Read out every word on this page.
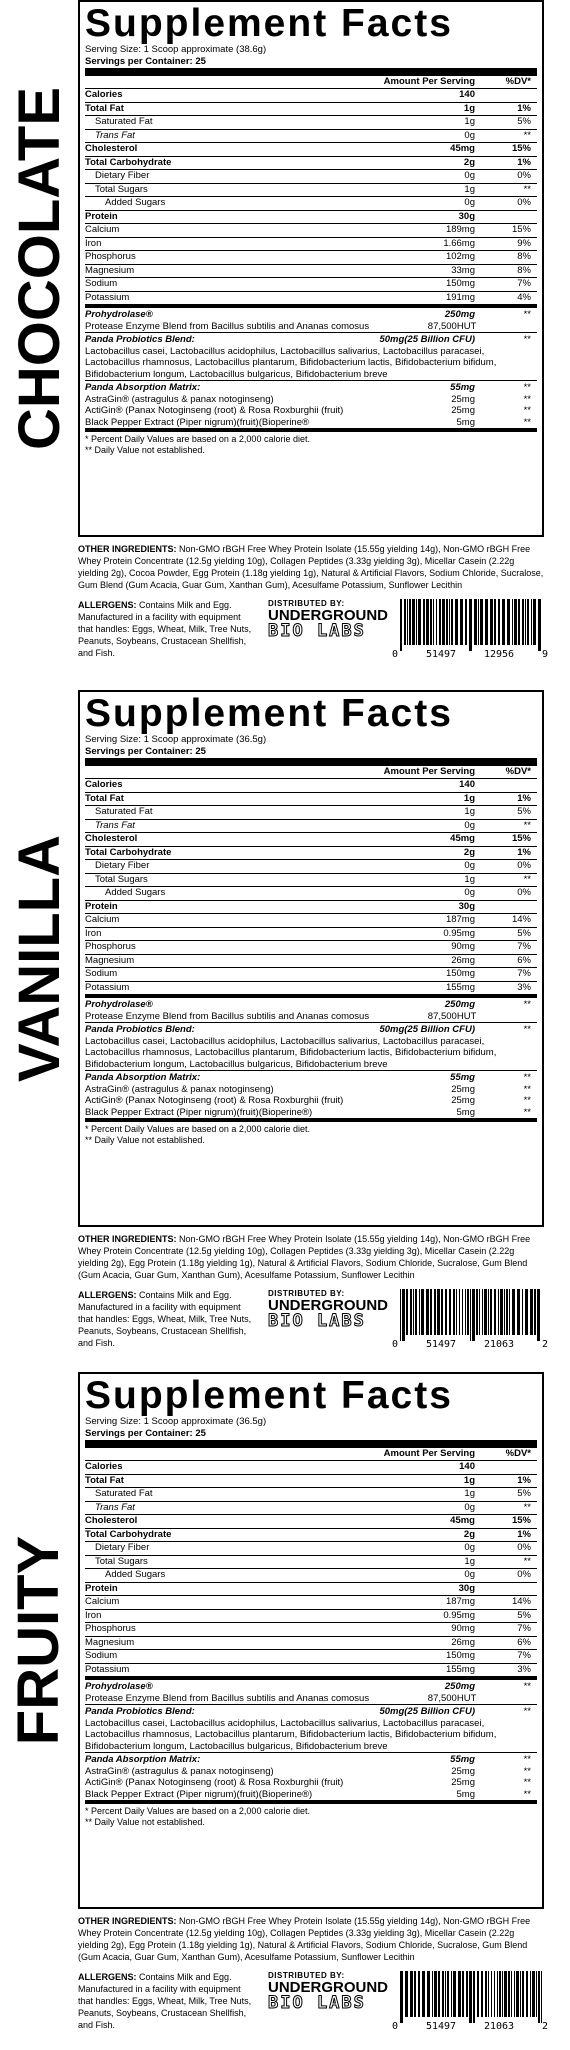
CHOCOLATE
Supplement Facts
Serving Size: 1 Scoop approximate (38.6g)
Servings per Container: 25
Amount Per Serving	%DV*
Calories	140
Total Fat	1g	1%
Saturated Fat	1g	5%
Trans Fat	0g	**
Cholesterol	45mg	15%
Total Carbohydrate	2g	1%
Dietary Fiber	0g	0%
Total Sugars	1g	**
Added Sugars	0g	0%
Protein	30g
Calcium	189mg	15%
Iron	1.66mg	9%
Phosphorus	102mg	8%
Magnesium	33mg	8%
Sodium	150mg	7%
Potassium	191mg	4%
Prohydrolase®	250mg	**
Protease Enzyme Blend from Bacillus subtilis and Ananas comosus	87,500HUT
Panda Probiotics Blend:	50mg(25 Billion CFU)	**
Lactobacillus casei, Lactobacillus acidophilus, Lactobacillus salivarius, Lactobacillus paracasei,
Lactobacillus rhamnosus, Lactobacillus plantarum, Bifidobacterium lactis, Bifidobacterium bifidum,
Bifidobacterium longum, Lactobacillus bulgaricus, Bifidobacterium breve
Panda Absorption Matrix:	55mg	**
AstraGin® (astragulus & panax notoginseng)	25mg	**
ActiGin® (Panax Notoginseng (root) & Rosa Roxburghii (fruit)	25mg	**
Black Pepper Extract (Piper nigrum)(fruit)(Bioperine®	5mg	**
* Percent Daily Values are based on a 2,000 calorie diet.
** Daily Value not established.
OTHER INGREDIENTS: Non-GMO rBGH Free Whey Protein Isolate (15.55g yielding 14g), Non-GMO rBGH Free Whey Protein Concentrate (12.5g yielding 10g), Collagen Peptides (3.33g yielding 3g), Micellar Casein (2.22g yielding 2g), Cocoa Powder, Egg Protein (1.18g yielding 1g), Natural & Artificial Flavors, Sodium Chloride, Sucralose, Gum Blend (Gum Acacia, Guar Gum, Xanthan Gum), Acesulfame Potassium, Sunflower Lecithin
ALLERGENS: Contains Milk and Egg. Manufactured in a facility with equipment that handles: Eggs, Wheat, Milk, Tree Nuts, Peanuts, Soybeans, Crustacean Shellfish, and Fish.
DISTRIBUTED BY:
UNDERGROUND
BIO LABS
0	51497	12956	9
VANILLA
Supplement Facts
Serving Size: 1 Scoop approximate (36.5g)
Servings per Container: 25
Amount Per Serving	%DV*
Calories	140
Total Fat	1g	1%
Saturated Fat	1g	5%
Trans Fat	0g	**
Cholesterol	45mg	15%
Total Carbohydrate	2g	1%
Dietary Fiber	0g	0%
Total Sugars	1g	**
Added Sugars	0g	0%
Protein	30g
Calcium	187mg	14%
Iron	0.95mg	5%
Phosphorus	90mg	7%
Magnesium	26mg	6%
Sodium	150mg	7%
Potassium	155mg	3%
Prohydrolase®	250mg	**
Protease Enzyme Blend from Bacillus subtilis and Ananas comosus	87,500HUT
Panda Probiotics Blend:	50mg(25 Billion CFU)	**
Lactobacillus casei, Lactobacillus acidophilus, Lactobacillus salivarius, Lactobacillus paracasei,
Lactobacillus rhamnosus, Lactobacillus plantarum, Bifidobacterium lactis, Bifidobacterium bifidum,
Bifidobacterium longum, Lactobacillus bulgaricus, Bifidobacterium breve
Panda Absorption Matrix:	55mg	**
AstraGin® (astragulus & panax notoginseng)	25mg	**
ActiGin® (Panax Notoginseng (root) & Rosa Roxburghii (fruit)	25mg	**
Black Pepper Extract (Piper nigrum)(fruit)(Bioperine®)	5mg	**
* Percent Daily Values are based on a 2,000 calorie diet.
** Daily Value not established.
OTHER INGREDIENTS: Non-GMO rBGH Free Whey Protein Isolate (15.55g yielding 14g), Non-GMO rBGH Free Whey Protein Concentrate (12.5g yielding 10g), Collagen Peptides (3.33g yielding 3g), Micellar Casein (2.22g yielding 2g), Egg Protein (1.18g yielding 1g), Natural & Artificial Flavors, Sodium Chloride, Sucralose, Gum Blend (Gum Acacia, Guar Gum, Xanthan Gum), Acesulfame Potassium, Sunflower Lecithin
ALLERGENS: Contains Milk and Egg. Manufactured in a facility with equipment that handles: Eggs, Wheat, Milk, Tree Nuts, Peanuts, Soybeans, Crustacean Shellfish, and Fish.
DISTRIBUTED BY:
UNDERGROUND
BIO LABS
0	51497	21063	2
FRUITY
Supplement Facts
Serving Size: 1 Scoop approximate (36.5g)
Servings per Container: 25
Amount Per Serving	%DV*
Calories	140
Total Fat	1g	1%
Saturated Fat	1g	5%
Trans Fat	0g	**
Cholesterol	45mg	15%
Total Carbohydrate	2g	1%
Dietary Fiber	0g	0%
Total Sugars	1g	**
Added Sugars	0g	0%
Protein	30g
Calcium	187mg	14%
Iron	0.95mg	5%
Phosphorus	90mg	7%
Magnesium	26mg	6%
Sodium	150mg	7%
Potassium	155mg	3%
Prohydrolase®	250mg	**
Protease Enzyme Blend from Bacillus subtilis and Ananas comosus	87,500HUT
Panda Probiotics Blend:	50mg(25 Billion CFU)	**
Lactobacillus casei, Lactobacillus acidophilus, Lactobacillus salivarius, Lactobacillus paracasei,
Lactobacillus rhamnosus, Lactobacillus plantarum, Bifidobacterium lactis, Bifidobacterium bifidum,
Bifidobacterium longum, Lactobacillus bulgaricus, Bifidobacterium breve
Panda Absorption Matrix:	55mg	**
AstraGin® (astragulus & panax notoginseng)	25mg	**
ActiGin® (Panax Notoginseng (root) & Rosa Roxburghii (fruit)	25mg	**
Black Pepper Extract (Piper nigrum)(fruit)(Bioperine®)	5mg	**
* Percent Daily Values are based on a 2,000 calorie diet.
** Daily Value not established.
OTHER INGREDIENTS: Non-GMO rBGH Free Whey Protein Isolate (15.55g yielding 14g), Non-GMO rBGH Free Whey Protein Concentrate (12.5g yielding 10g), Collagen Peptides (3.33g yielding 3g), Micellar Casein (2.22g yielding 2g), Egg Protein (1.18g yielding 1g), Natural & Artificial Flavors, Sodium Chloride, Sucralose, Gum Blend (Gum Acacia, Guar Gum, Xanthan Gum), Acesulfame Potassium, Sunflower Lecithin
ALLERGENS: Contains Milk and Egg. Manufactured in a facility with equipment that handles: Eggs, Wheat, Milk, Tree Nuts, Peanuts, Soybeans, Crustacean Shellfish, and Fish.
DISTRIBUTED BY:
UNDERGROUND
BIO LABS
0	51497	21063	2
